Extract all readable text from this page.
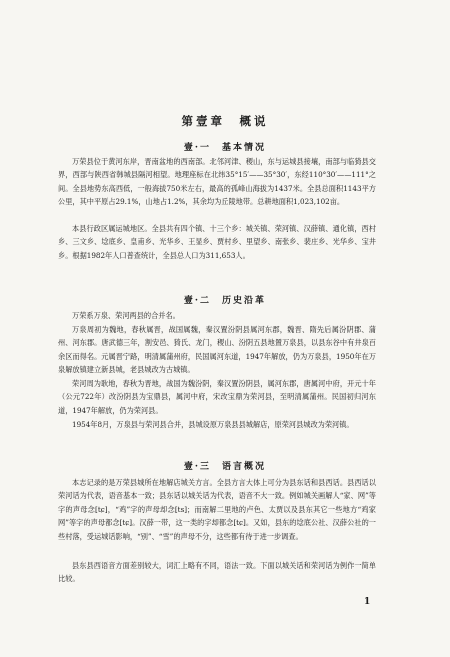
第壹章　概说
壹·一　基本情况

万荣县位于黄河东岸，晋南盆地的西南部。北邻河津、稷山，东与运城县接壤，南部与临猗县交界，西部与陕西省韩城县隔河相望。地理座标在北纬35°15′——35°30′，东经110°30′——111°之间。全县地势东高西低，一般海拔750米左右，最高的孤峰山海拔为1437米。全县总面积1143平方公里，其中平原占29.1%，山地占1.2%，其余均为丘陵地带。总耕地面积1,023,102亩。

本县行政区属运城地区。全县共有四个镇、十三个乡：城关镇、荣河镇、汉薛镇、通化镇，西村乡、三文乡、埝底乡、皇甫乡、光华乡、王显乡、贾村乡、里望乡、南张乡、裴庄乡、光华乡、宝井乡。根据1982年人口普查统计，全县总人口为311,653人。

壹·二　历史沿革

万荣系万泉、荣河两县的合并名。

万泉周初为魏地，春秋属晋，战国属魏，秦汉置汾阴县属河东郡，魏晋、隋先后属汾阴郡、蒲州、河东郡。唐武德三年，割安邑、猗氏、龙门，稷山、汾阴五县地置万泉县，以县东谷中有井泉百余区而得名。元属晋宁路，明清属蒲州府，民国属河东道，1947年解放，仍为万泉县，1950年在万泉解放镇建立新县城，老县城改为古城镇。

荣河周为耿地，春秋为晋地，战国为魏汾阴，秦汉置汾阴县，属河东郡，唐属河中府，开元十年（公元722年）改汾阴县为宝鼎县，属河中府，宋改宝鼎为荣河县，至明清属蒲州。民国初归河东道，1947年解放，仍为荣河县。

1954年8月，万泉县与荣河县合并，县城设原万泉县县城解店，原荣河县城改为荣河镇。

壹·三　语言概况

本志记录的是万荣县城所在地解店城关方言。全县方言大体上可分为县东话和县西话。县西话以荣河话为代表，语音基本一致；县东话以城关话为代表，语音不大一致。例如城关画解人“家、网”等字的声母念[tɕ]，“鸡”字的声母却念[ts]；而南解二里地的卢色、太贾以及县东其它一些地方“鸡家网”等字的声母都念[tɕ]。汉薛一带，这一类的字却都念[tɕ]。又如，县东的埝底公社、汉薛公社的一些村落，受运城话影响，“别”、“雪”的声母不分，这些都有待于进一步调查。

县东县西语音方面差别较大，词汇上略有不同，语法一致。下面以城关话和荣河话为例作一简单比较。

1
